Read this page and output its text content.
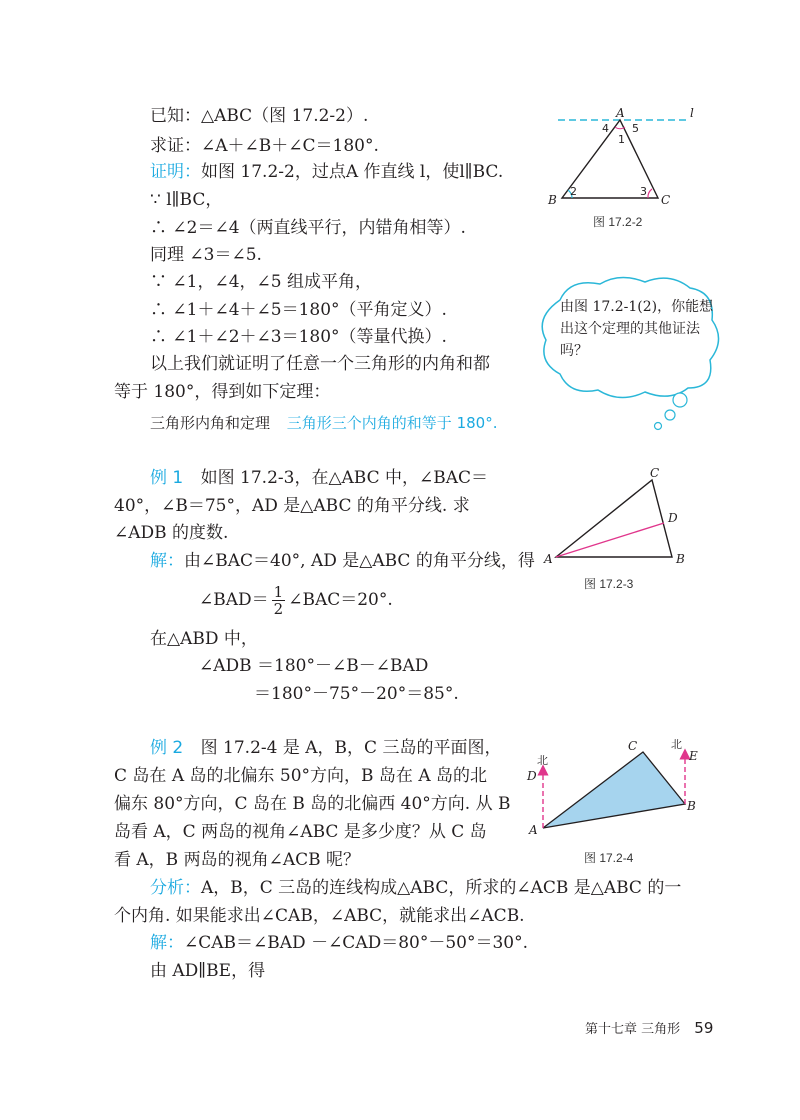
已知：△ABC（图 17.2-2）.
求证：∠A＋∠B＋∠C＝180°.
证明：如图 17.2-2，过点A 作直线 l，使l∥BC.
∵ l∥BC，
∴ ∠2＝∠4（两直线平行，内错角相等）.
同理 ∠3＝∠5.
∵ ∠1，∠4，∠5 组成平角，
∴ ∠1＋∠4＋∠5＝180°（平角定义）.
∴ ∠1＋∠2＋∠3＝180°（等量代换）.
以上我们就证明了任意一个三角形的内角和都
等于 180°，得到如下定理：
三角形内角和定理 三角形三个内角的和等于 180°.
A	l
B	C
4 5
1
2	3
图 17.2-2
由图 17.2-1(2)，你能想出这个定理的其他证法吗？
例 1 如图 17.2-3，在△ABC 中，∠BAC＝
40°，∠B＝75°，AD 是△ABC 的角平分线. 求
∠ADB 的度数.
解：由∠BAC＝40°, AD 是△ABC 的角平分线，得
∠BAD＝ $\frac{1}{2}$ ∠BAC＝20°.
在△ABD 中，
∠ADB ＝180°－∠B－∠BAD
＝180°－75°－20°＝85°.
C
D
A	B
图 17.2-3
例 2 图 17.2-4 是 A，B，C 三岛的平面图，
C 岛在 A 岛的北偏东 50°方向，B 岛在 A 岛的北
偏东 80°方向，C 岛在 B 岛的北偏西 40°方向. 从 B
岛看 A，C 两岛的视角∠ABC 是多少度？从 C 岛
看 A，B 两岛的视角∠ACB 呢？
分析：A，B，C 三岛的连线构成△ABC，所求的∠ACB 是△ABC 的一
个内角. 如果能求出∠CAB，∠ABC，就能求出∠ACB.
解：∠CAB＝∠BAD －∠CAD＝80°－50°＝30°.
由 AD∥BE，得
北
北
C
D
E
B
A
图 17.2-4
第十七章 三角形 59
